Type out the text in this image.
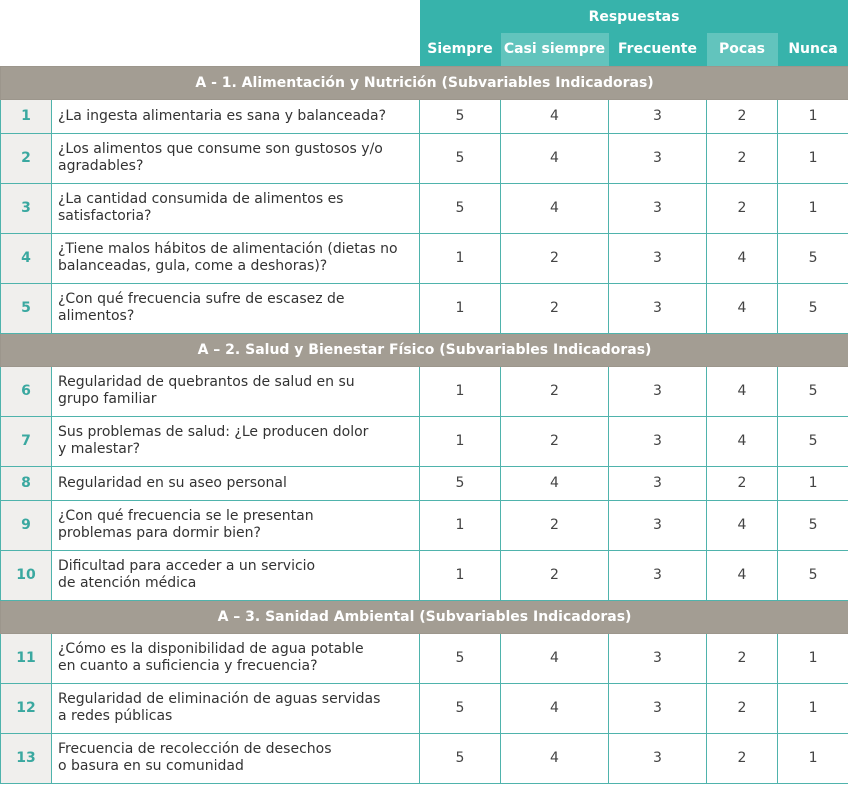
		Respuestas				
		Siempre	Casi siempre	Frecuente	Pocas	Nunca
A - 1. Alimentación y Nutrición (Subvariables Indicadoras)						
1	¿La ingesta alimentaria es sana y balanceada?	5	4	3	2	1
2	¿Los alimentos que consume son gustosos y/o
agradables?	5	4	3	2	1
3	¿La cantidad consumida de alimentos es
satisfactoria?	5	4	3	2	1
4	¿Tiene malos hábitos de alimentación (dietas no
balanceadas, gula, come a deshoras)?	1	2	3	4	5
5	¿Con qué frecuencia sufre de escasez de
alimentos?	1	2	3	4	5
A – 2. Salud y Bienestar Físico (Subvariables Indicadoras)						
6	Regularidad de quebrantos de salud en su
grupo familiar	1	2	3	4	5
7	Sus problemas de salud: ¿Le producen dolor
y malestar?	1	2	3	4	5
8	Regularidad en su aseo personal	5	4	3	2	1
9	¿Con qué frecuencia se le presentan
problemas para dormir bien?	1	2	3	4	5
10	Dificultad para acceder a un servicio
de atención médica	1	2	3	4	5
A – 3. Sanidad Ambiental (Subvariables Indicadoras)						
11	¿Cómo es la disponibilidad de agua potable
en cuanto a suficiencia y frecuencia?	5	4	3	2	1
12	Regularidad de eliminación de aguas servidas
a redes públicas	5	4	3	2	1
13	Frecuencia de recolección de desechos
o basura en su comunidad	5	4	3	2	1
